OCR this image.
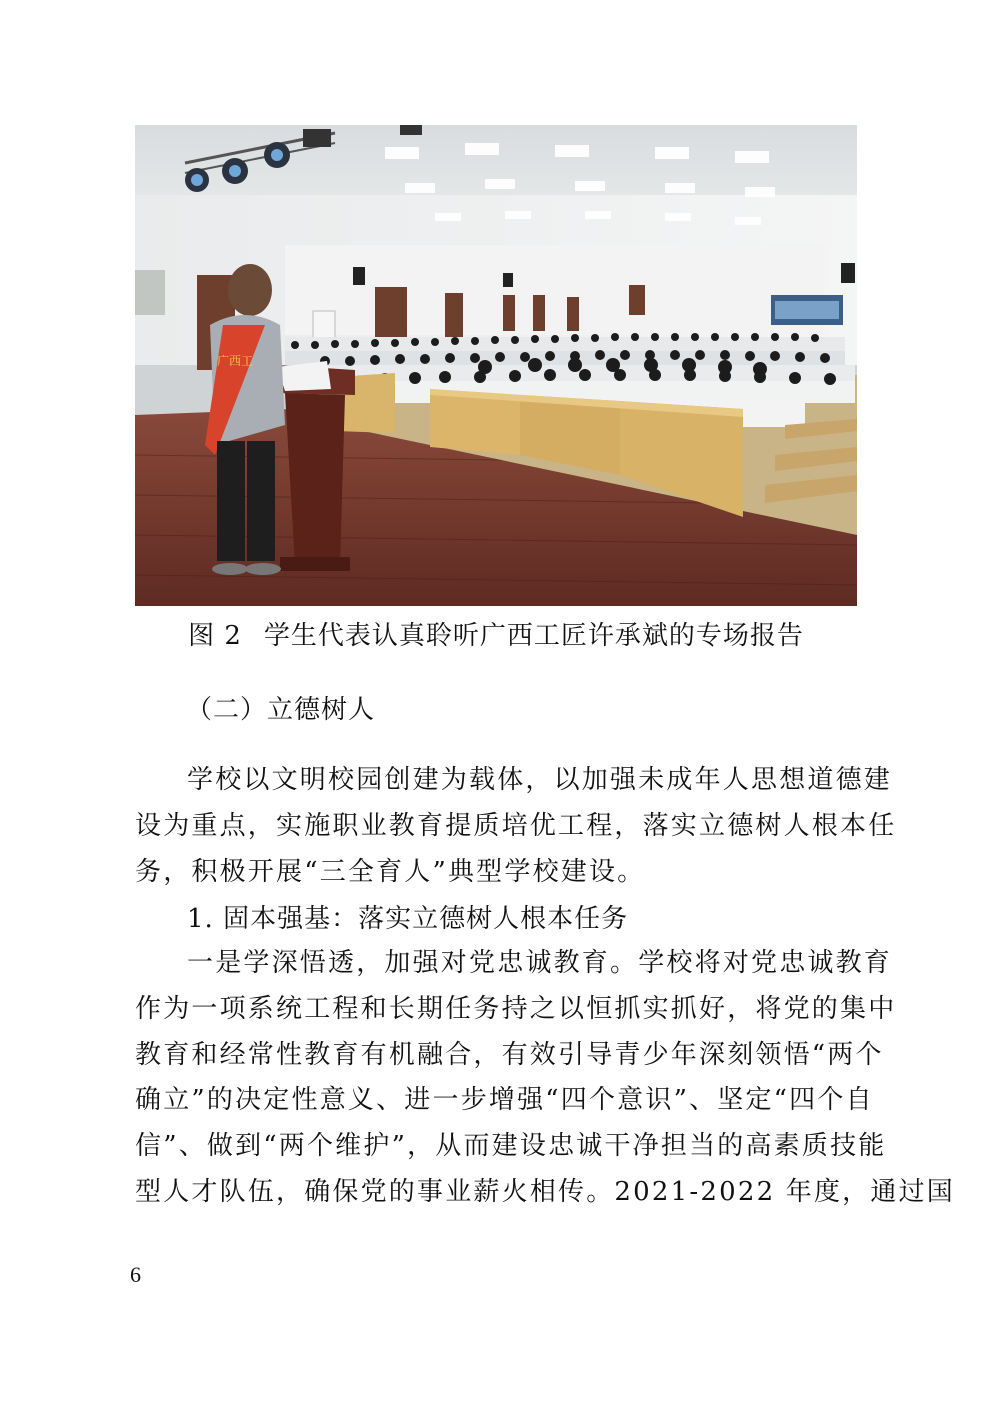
广西工
图 2 学生代表认真聆听广西工匠许承斌的专场报告
（二）立德树人
学校以文明校园创建为载体，以加强未成年人思想道德建
设为重点，实施职业教育提质培优工程，落实立德树人根本任
务，积极开展“三全育人”典型学校建设。
1. 固本强基：落实立德树人根本任务
一是学深悟透，加强对党忠诚教育。学校将对党忠诚教育
作为一项系统工程和长期任务持之以恒抓实抓好，将党的集中
教育和经常性教育有机融合，有效引导青少年深刻领悟“两个
确立”的决定性意义、进一步增强“四个意识”、坚定“四个自
信”、做到“两个维护”，从而建设忠诚干净担当的高素质技能
型人才队伍，确保党的事业薪火相传。2021-2022 年度，通过国
6
